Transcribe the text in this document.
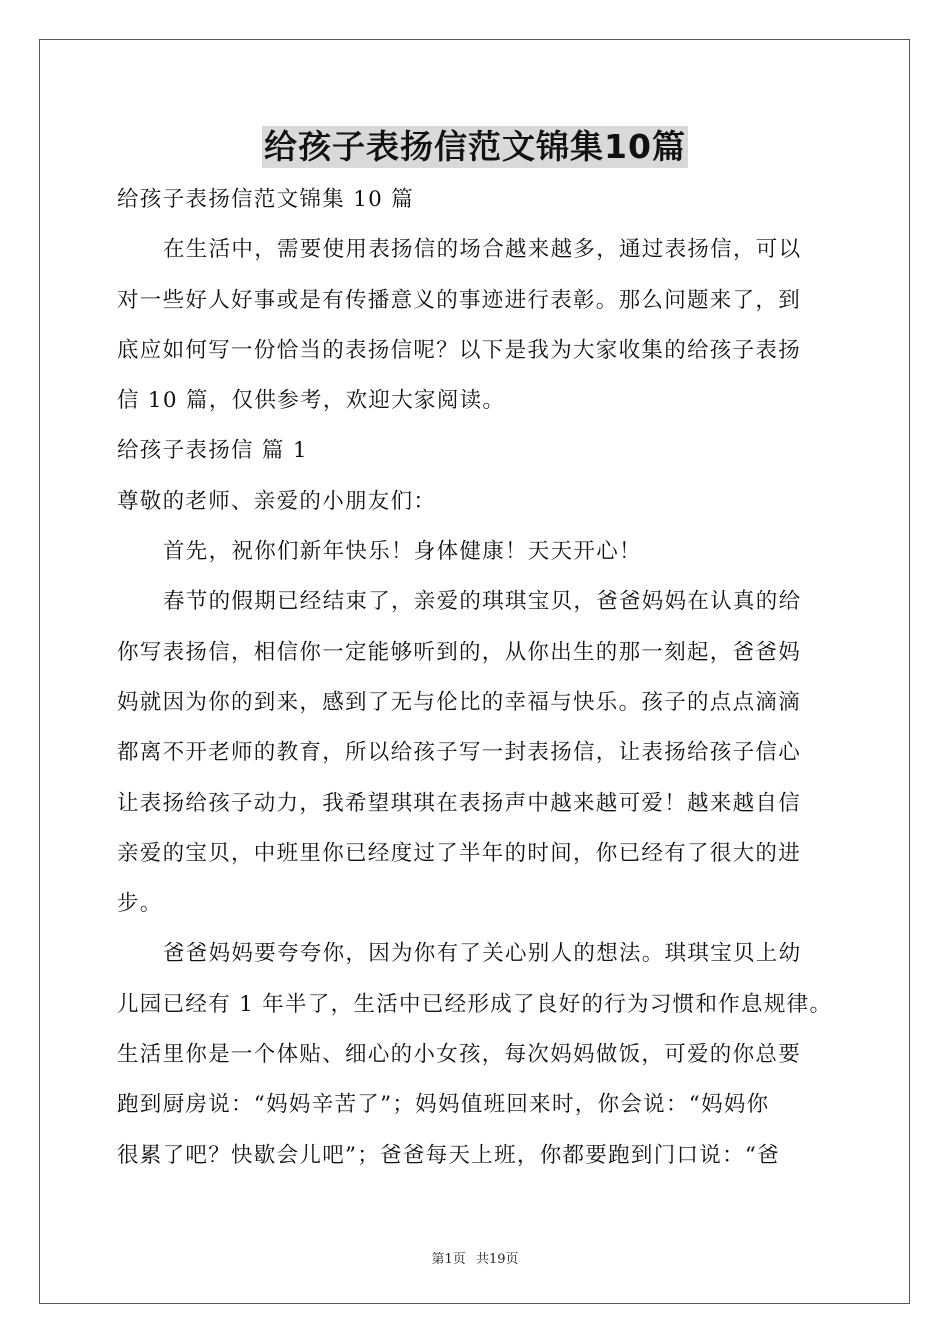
给孩子表扬信范文锦集10篇
给孩子表扬信范文锦集 10 篇
在生活中，需要使用表扬信的场合越来越多，通过表扬信，可以
对一些好人好事或是有传播意义的事迹进行表彰。那么问题来了，到
底应如何写一份恰当的表扬信呢？以下是我为大家收集的给孩子表扬
信 10 篇，仅供参考，欢迎大家阅读。
给孩子表扬信 篇 1
尊敬的老师、亲爱的小朋友们：
首先，祝你们新年快乐！身体健康！天天开心！
春节的假期已经结束了，亲爱的琪琪宝贝，爸爸妈妈在认真的给
你写表扬信，相信你一定能够听到的，从你出生的那一刻起，爸爸妈
妈就因为你的到来，感到了无与伦比的幸福与快乐。孩子的点点滴滴
都离不开老师的教育，所以给孩子写一封表扬信，让表扬给孩子信心
让表扬给孩子动力，我希望琪琪在表扬声中越来越可爱！越来越自信
亲爱的宝贝，中班里你已经度过了半年的时间，你已经有了很大的进
步。
爸爸妈妈要夸夸你，因为你有了关心别人的想法。琪琪宝贝上幼
儿园已经有 1 年半了，生活中已经形成了良好的行为习惯和作息规律。
生活里你是一个体贴、细心的小女孩，每次妈妈做饭，可爱的你总要
跑到厨房说：“妈妈辛苦了”；妈妈值班回来时，你会说：“妈妈你
很累了吧？快歇会儿吧”；爸爸每天上班，你都要跑到门口说：“爸
第1页 共19页
